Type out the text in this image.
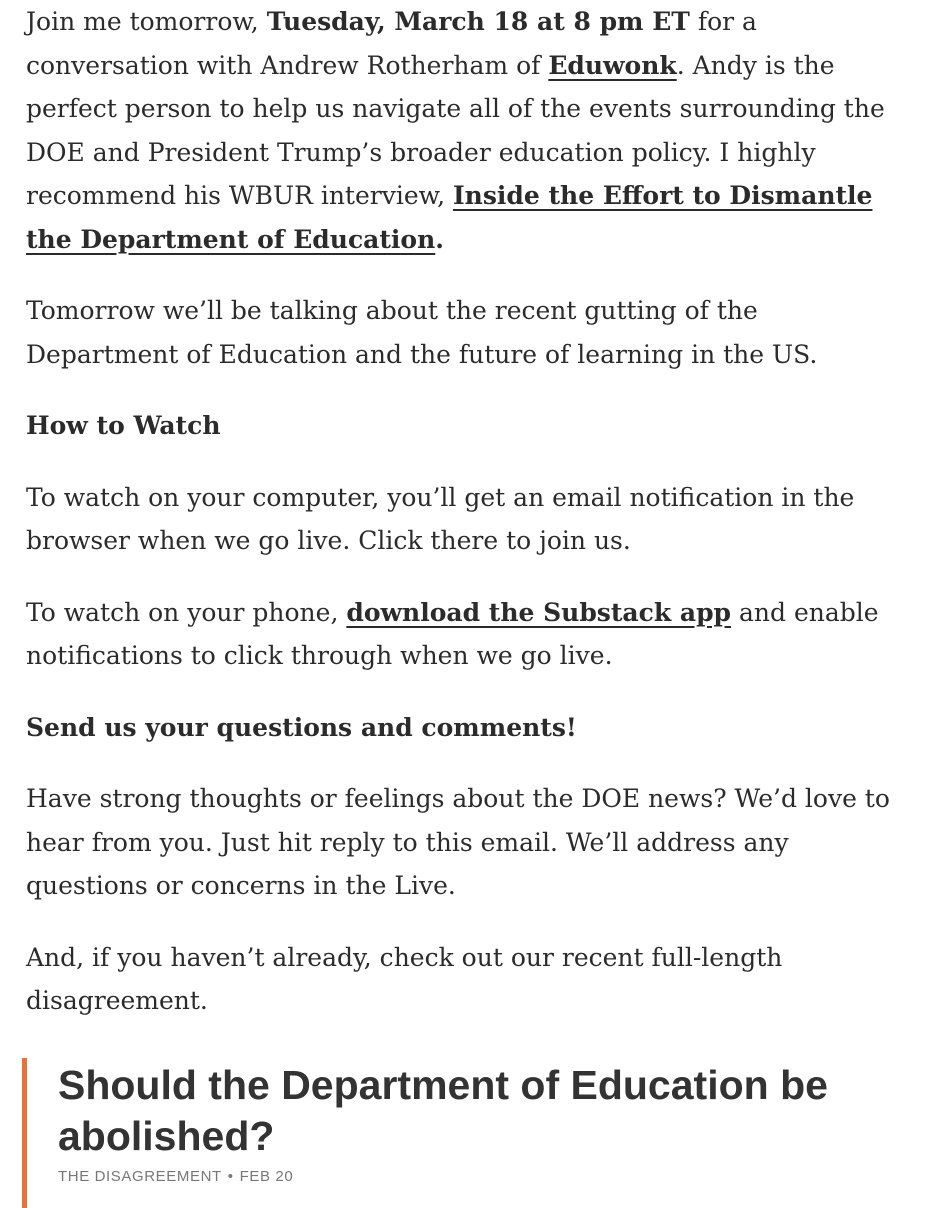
Join me tomorrow, Tuesday, March 18 at 8 pm ET for a conversation with Andrew Rotherham of Eduwonk. Andy is the perfect person to help us navigate all of the events surrounding the DOE and President Trump’s broader education policy. I highly recommend his WBUR interview, Inside the Effort to Dismantle the Department of Education.

Tomorrow we’ll be talking about the recent gutting of the Department of Education and the future of learning in the US.

How to Watch

To watch on your computer, you’ll get an email notification in the browser when we go live. Click there to join us.

To watch on your phone, download the Substack app and enable notifications to click through when we go live.

Send us your questions and comments!

Have strong thoughts or feelings about the DOE news? We’d love to hear from you. Just hit reply to this email. We’ll address any questions or concerns in the Live.

And, if you haven’t already, check out our recent full-length disagreement.

Should the Department of Education be abolished?
THE DISAGREEMENT • FEB 20
